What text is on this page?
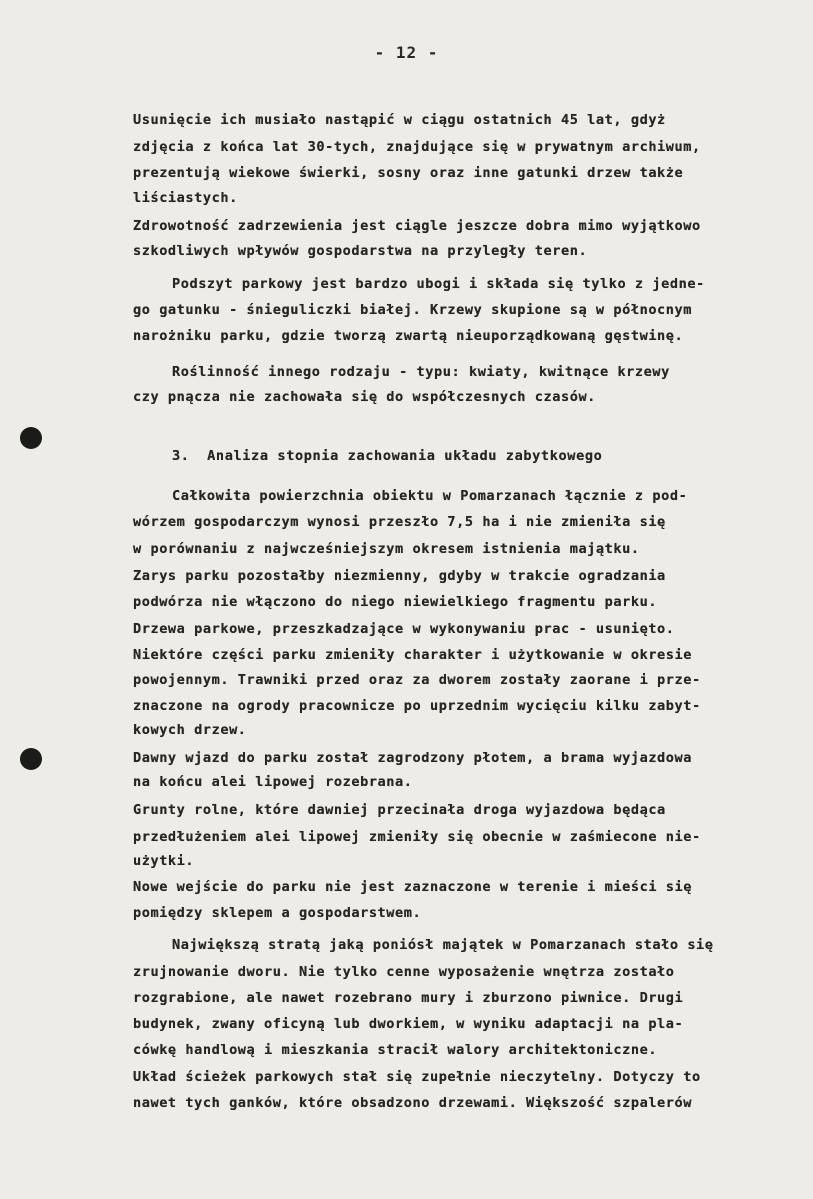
- 12 -
Usunięcie ich musiało nastąpić w ciągu ostatnich 45 lat, gdyż
zdjęcia z końca lat 30-tych, znajdujące się w prywatnym archiwum,
prezentują wiekowe świerki, sosny oraz inne gatunki drzew także
liściastych.
Zdrowotność zadrzewienia jest ciągle jeszcze dobra mimo wyjątkowo
szkodliwych wpływów gospodarstwa na przyległy teren.
Podszyt parkowy jest bardzo ubogi i składa się tylko z jedne-
go gatunku - śnieguliczki białej. Krzewy skupione są w północnym
narożniku parku, gdzie tworzą zwartą nieuporządkowaną gęstwinę.
Roślinność innego rodzaju - typu: kwiaty, kwitnące krzewy
czy pnącza nie zachowała się do współczesnych czasów.
3.  Analiza stopnia zachowania układu zabytkowego
Całkowita powierzchnia obiektu w Pomarzanach łącznie z pod-
wórzem gospodarczym wynosi przeszło 7,5 ha i nie zmieniła się
w porównaniu z najwcześniejszym okresem istnienia majątku.
Zarys parku pozostałby niezmienny, gdyby w trakcie ogradzania
podwórza nie włączono do niego niewielkiego fragmentu parku.
Drzewa parkowe, przeszkadzające w wykonywaniu prac - usunięto.
Niektóre części parku zmieniły charakter i użytkowanie w okresie
powojennym. Trawniki przed oraz za dworem zostały zaorane i prze-
znaczone na ogrody pracownicze po uprzednim wycięciu kilku zabyt-
kowych drzew.
Dawny wjazd do parku został zagrodzony płotem, a brama wyjazdowa
na końcu alei lipowej rozebrana.
Grunty rolne, które dawniej przecinała droga wyjazdowa będąca
przedłużeniem alei lipowej zmieniły się obecnie w zaśmiecone nie-
użytki.
Nowe wejście do parku nie jest zaznaczone w terenie i mieści się
pomiędzy sklepem a gospodarstwem.
Największą stratą jaką poniósł majątek w Pomarzanach stało się
zrujnowanie dworu. Nie tylko cenne wyposażenie wnętrza zostało
rozgrabione, ale nawet rozebrano mury i zburzono piwnice. Drugi
budynek, zwany oficyną lub dworkiem, w wyniku adaptacji na pla-
cówkę handlową i mieszkania stracił walory architektoniczne.
Układ ścieżek parkowych stał się zupełnie nieczytelny. Dotyczy to
nawet tych ganków, które obsadzono drzewami. Większość szpalerów
